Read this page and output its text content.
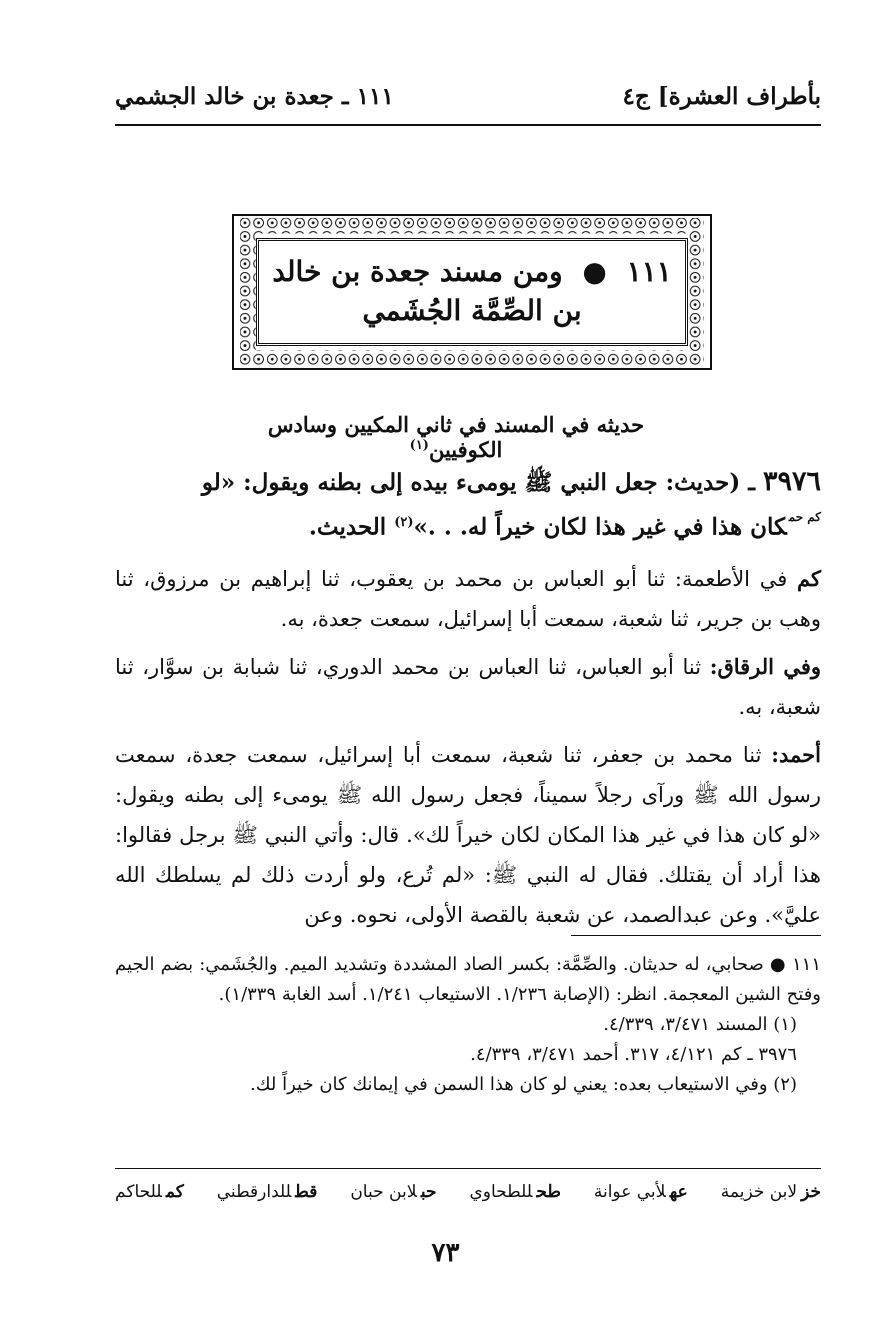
بأطراف العشرة] ج٤
١١١ ـ جعدة بن خالد الجشمي
١١١ ● ومن مسند جعدة بن خالد
بن الصِّمَّة الجُشَمي
حديثه في المسند في ثاني المكيين وسادس الكوفيين$^{(١)}$

٣٩٧٦ ـ (حديث: جعل النبي ﷺ يومىء بيده إلى بطنه ويقول: «لو

$^{كم حم}$كان هذا في غير هذا لكان خيراً له. . .»$^{(٢)}$ الحديث.

كم في الأطعمة: ثنا أبو العباس بن محمد بن يعقوب، ثنا إبراهيم بن مرزوق، ثنا وهب بن جرير، ثنا شعبة، سمعت أبا إسرائيل، سمعت جعدة، به.

وفي الرقاق: ثنا أبو العباس، ثنا العباس بن محمد الدوري، ثنا شبابة بن سوَّار، ثنا شعبة، به.

أحمد: ثنا محمد بن جعفر، ثنا شعبة، سمعت أبا إسرائيل، سمعت جعدة، سمعت رسول الله ﷺ ورآى رجلاً سميناً، فجعل رسول الله ﷺ يومىء إلى بطنه ويقول: «لو كان هذا في غير هذا المكان لكان خيراً لك». قال: وأتي النبي ﷺ برجل فقالوا: هذا أراد أن يقتلك. فقال له النبي ﷺ: «لم تُرع، ولو أردت ذلك لم يسلطك الله عليَّ». وعن عبدالصمد، عن شعبة بالقصة الأولى، نحوه. وعن

١١١ ● صحابي، له حديثان. والصِّمَّة: بكسر الصاد المشددة وتشديد الميم. والجُشَمي: بضم الجيم وفتح الشين المعجمة. انظر: (الإصابة ١/٢٣٦. الاستيعاب ١/٢٤١. أسد الغابة ١/٣٣٩).

(١) المسند ٣/٤٧١، ٤/٣٣٩.

٣٩٧٦ ـ كم ٤/١٢١، ٣١٧. أحمد ٣/٤٧١، ٤/٣٣٩.

(٢) وفي الاستيعاب بعده: يعني لو كان هذا السمن في إيمانك كان خيراً لك.

خزلابن خزيمة
عهلأبي عوانة
طحللطحاوي
حبلابن حبان
قطللدارقطني
كمللحاكم
٧٣
